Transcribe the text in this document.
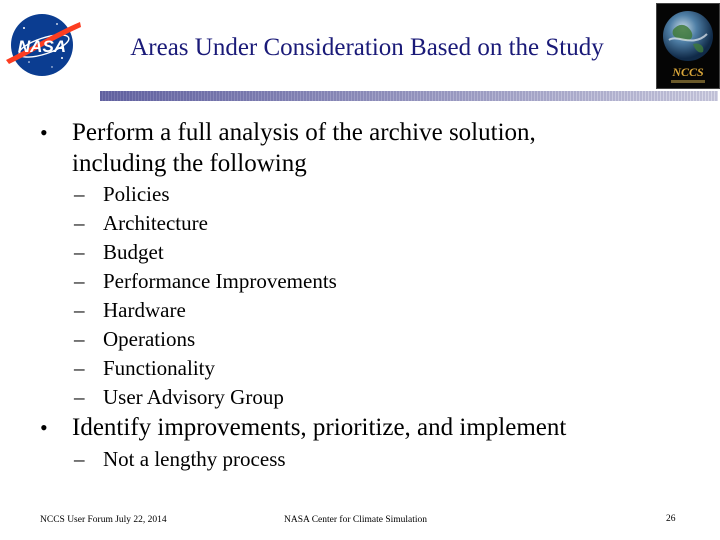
NASA	Areas Under Consideration Based on the Study
NCCS
• Perform a full analysis of the archive solution,
including the following
– Policies
– Architecture
– Budget
– Performance Improvements
– Hardware
– Operations
– Functionality
– User Advisory Group
• Identify improvements, prioritize, and implement
– Not a lengthy process
NCCS User Forum July 22, 2014	NASA Center for Climate Simulation	26
